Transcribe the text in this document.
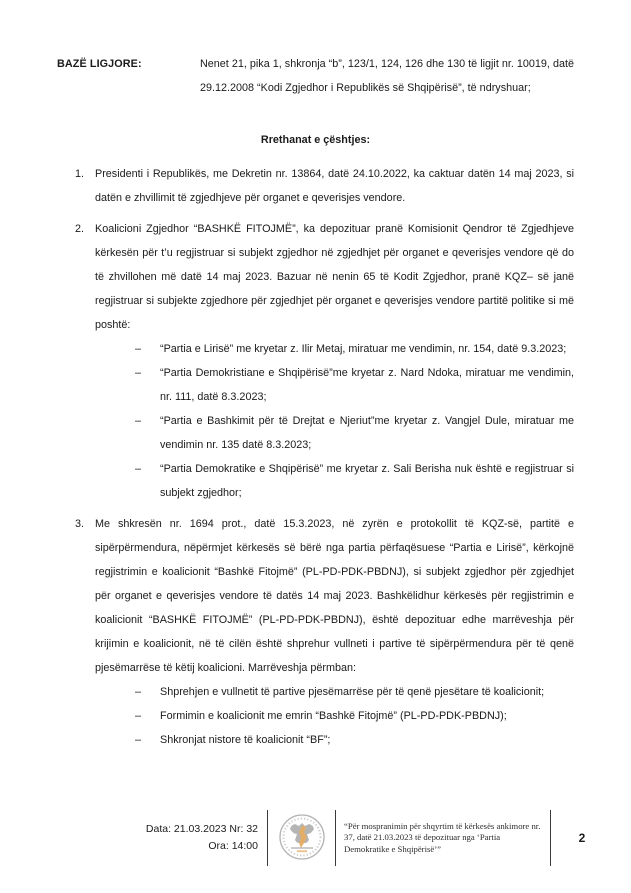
BAZË LIGJORE:	Nenet 21, pika 1, shkronja “b”, 123/1, 124, 126 dhe 130 të ligjit nr. 10019, datë 29.12.2008 “Kodi Zgjedhor i Republikës së Shqipërisë”, të ndryshuar;
Rrethanat e çështjes:
1. Presidenti i Republikës, me Dekretin nr. 13864, datë 24.10.2022, ka caktuar datën 14 maj 2023, si datën e zhvillimit të zgjedhjeve për organet e qeverisjes vendore.
2. Koalicioni Zgjedhor “BASHKË FITOJMË”, ka depozituar pranë Komisionit Qendror të Zgjedhjeve kërkesën për t’u regjistruar si subjekt zgjedhor në zgjedhjet për organet e qeverisjes vendore që do të zhvillohen më datë 14 maj 2023. Bazuar në nenin 65 të Kodit Zgjedhor, pranë KQZ– së janë regjistruar si subjekte zgjedhore për zgjedhjet për organet e qeverisjes vendore partitë politike si më poshtë:
– “Partia e Lirisë” me kryetar z. Ilir Metaj, miratuar me vendimin, nr. 154, datë 9.3.2023;
– “Partia Demokristiane e Shqipërisë”me kryetar z. Nard Ndoka, miratuar me vendimin, nr. 111, datë 8.3.2023;
– “Partia e Bashkimit për të Drejtat e Njeriut”me kryetar z. Vangjel Dule, miratuar me vendimin nr. 135 datë 8.3.2023;
– “Partia Demokratike e Shqipërisë” me kryetar z. Sali Berisha nuk është e regjistruar si subjekt zgjedhor;
3. Me shkresën nr. 1694 prot., datë 15.3.2023, në zyrën e protokollit të KQZ-së, partitë e sipërpërmendura, nëpërmjet kërkesës së bërë nga partia përfaqësuese “Partia e Lirisë”, kërkojnë regjistrimin e koalicionit “Bashkë Fitojmë” (PL-PD-PDK-PBDNJ), si subjekt zgjedhor për zgjedhjet për organet e qeverisjes vendore të datës 14 maj 2023. Bashkëlidhur kërkesës për regjistrimin e koalicionit “BASHKË FITOJMË” (PL-PD-PDK-PBDNJ), është depozituar edhe marrëveshja për krijimin e koalicionit, në të cilën është shprehur vullneti i partive të sipërpërmendura për të qenë pjesëmarrëse të këtij koalicioni. Marrëveshja përmban:
– Shprehjen e vullnetit të partive pjesëmarrëse për të qenë pjesëtare të koalicionit;
– Formimin e koalicionit me emrin “Bashkë Fitojmë” (PL-PD-PDK-PBDNJ);
– Shkronjat nistore të koalicionit “BF”;
Data: 21.03.2023 Nr: 32
Ora: 14:00
“Për mospranimin për shqyrtim të kërkesës ankimore nr. 37, datë 21.03.2023 të depozituar nga ‘Partia Demokratike e Shqipërisë’”
2
